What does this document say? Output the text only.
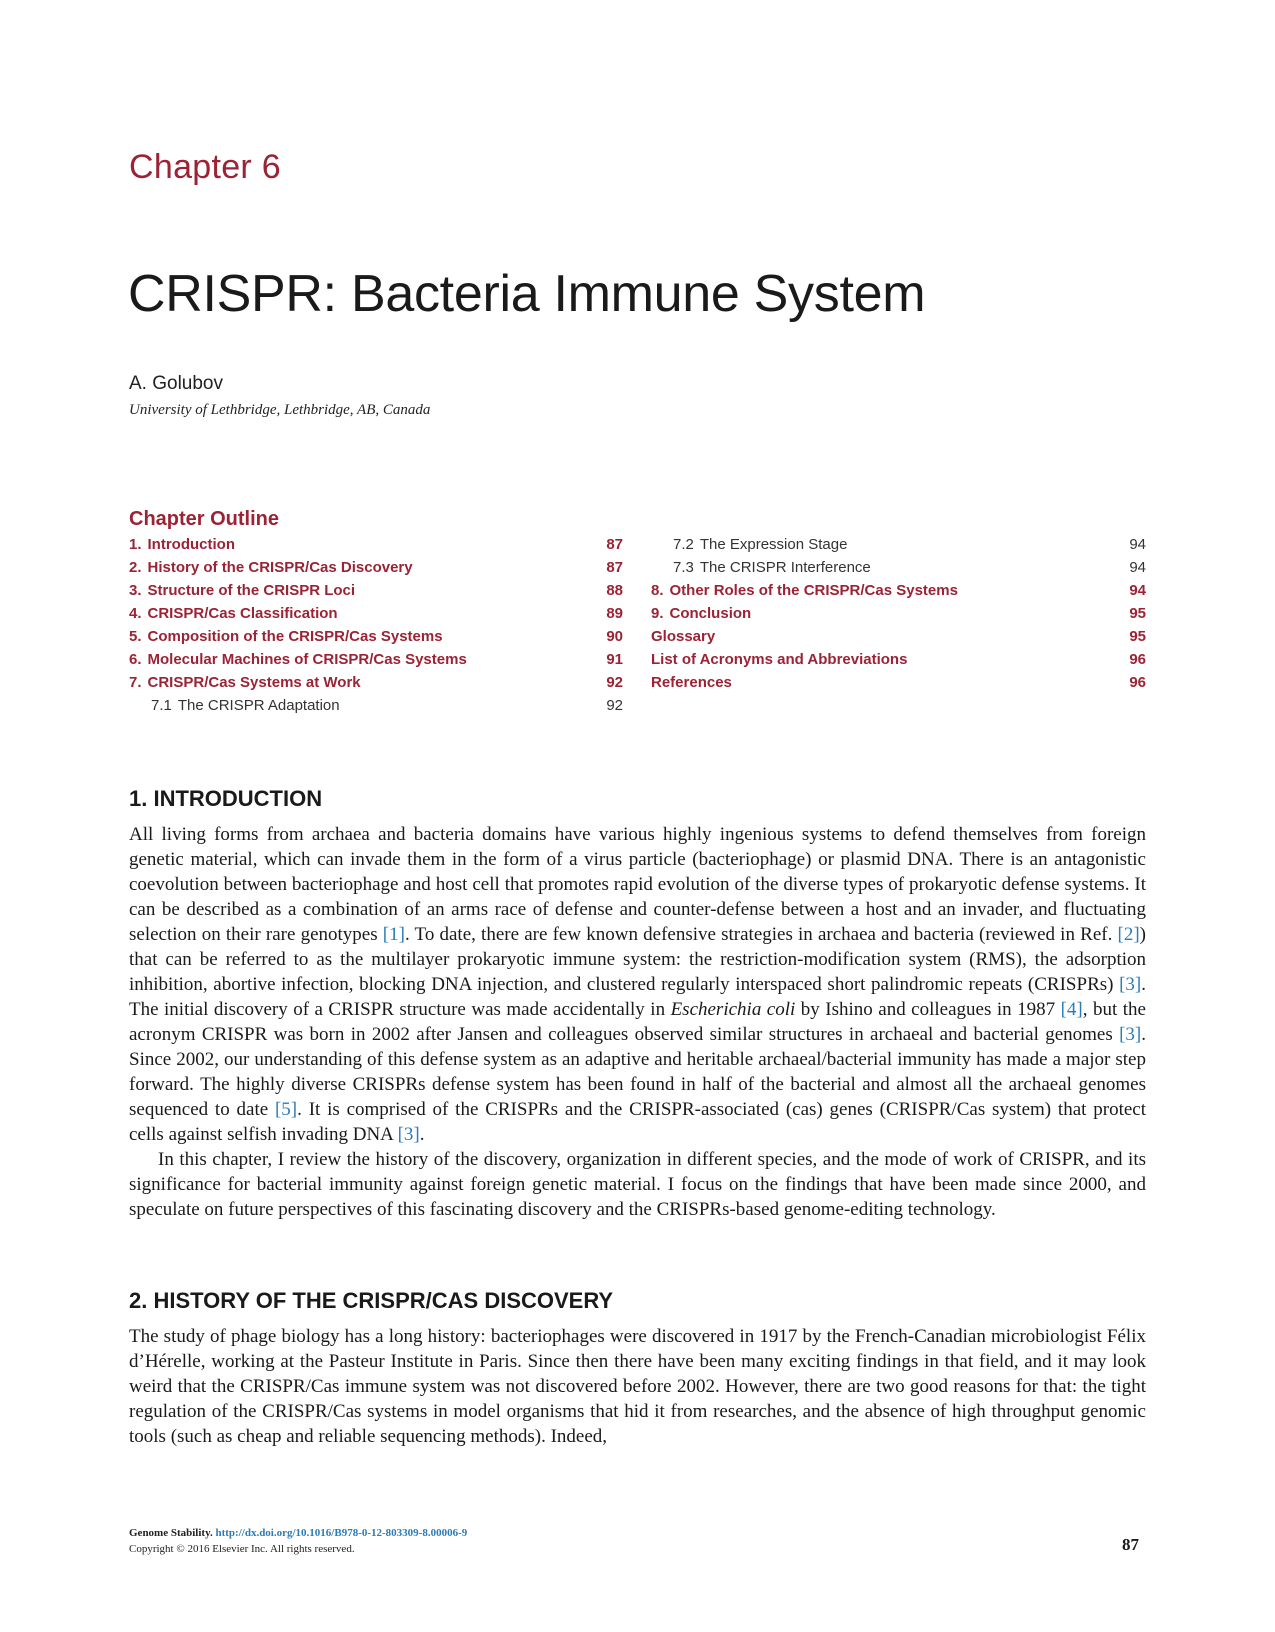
Chapter 6
CRISPR: Bacteria Immune System
A. Golubov
University of Lethbridge, Lethbridge, AB, Canada
Chapter Outline
1. Introduction	87
2. History of the CRISPR/Cas Discovery	87
3. Structure of the CRISPR Loci	88
4. CRISPR/Cas Classification	89
5. Composition of the CRISPR/Cas Systems	90
6. Molecular Machines of CRISPR/Cas Systems	91
7. CRISPR/Cas Systems at Work	92
7.1 The CRISPR Adaptation	92
7.2 The Expression Stage	94
7.3 The CRISPR Interference	94
8. Other Roles of the CRISPR/Cas Systems	94
9. Conclusion	95
Glossary	95
List of Acronyms and Abbreviations	96
References	96
1. INTRODUCTION

All living forms from archaea and bacteria domains have various highly ingenious systems to defend themselves from foreign genetic material, which can invade them in the form of a virus particle (bacteriophage) or plasmid DNA. There is an antagonistic coevolution between bacteriophage and host cell that promotes rapid evolution of the diverse types of prokaryotic defense systems. It can be described as a combination of an arms race of defense and counter-defense between a host and an invader, and fluctuating selection on their rare genotypes [1]. To date, there are few known defensive strategies in archaea and bacteria (reviewed in Ref. [2]) that can be referred to as the multilayer prokaryotic immune system: the restriction-modification system (RMS), the adsorption inhibition, abortive infection, blocking DNA injection, and clustered regularly interspaced short palindromic repeats (CRISPRs) [3]. The initial discovery of a CRISPR structure was made accidentally in Escherichia coli by Ishino and colleagues in 1987 [4], but the acronym CRISPR was born in 2002 after Jansen and colleagues observed similar structures in archaeal and bacterial genomes [3]. Since 2002, our understanding of this defense system as an adaptive and heritable archaeal/bacterial immunity has made a major step forward. The highly diverse CRISPRs defense system has been found in half of the bacterial and almost all the archaeal genomes sequenced to date [5]. It is comprised of the CRISPRs and the CRISPR-associated (cas) genes (CRISPR/Cas system) that protect cells against selfish invading DNA [3].

In this chapter, I review the history of the discovery, organization in different species, and the mode of work of CRISPR, and its significance for bacterial immunity against foreign genetic material. I focus on the findings that have been made since 2000, and speculate on future perspectives of this fascinating discovery and the CRISPRs-based genome-editing technology.

2. HISTORY OF THE CRISPR/CAS DISCOVERY

The study of phage biology has a long history: bacteriophages were discovered in 1917 by the French-Canadian microbiologist Félix d’Hérelle, working at the Pasteur Institute in Paris. Since then there have been many exciting findings in that field, and it may look weird that the CRISPR/Cas immune system was not discovered before 2002. However, there are two good reasons for that: the tight regulation of the CRISPR/Cas systems in model organisms that hid it from researches, and the absence of high throughput genomic tools (such as cheap and reliable sequencing methods). Indeed,

Genome Stability. http://dx.doi.org/10.1016/B978-0-12-803309-8.00006-9
Copyright © 2016 Elsevier Inc. All rights reserved.	87
